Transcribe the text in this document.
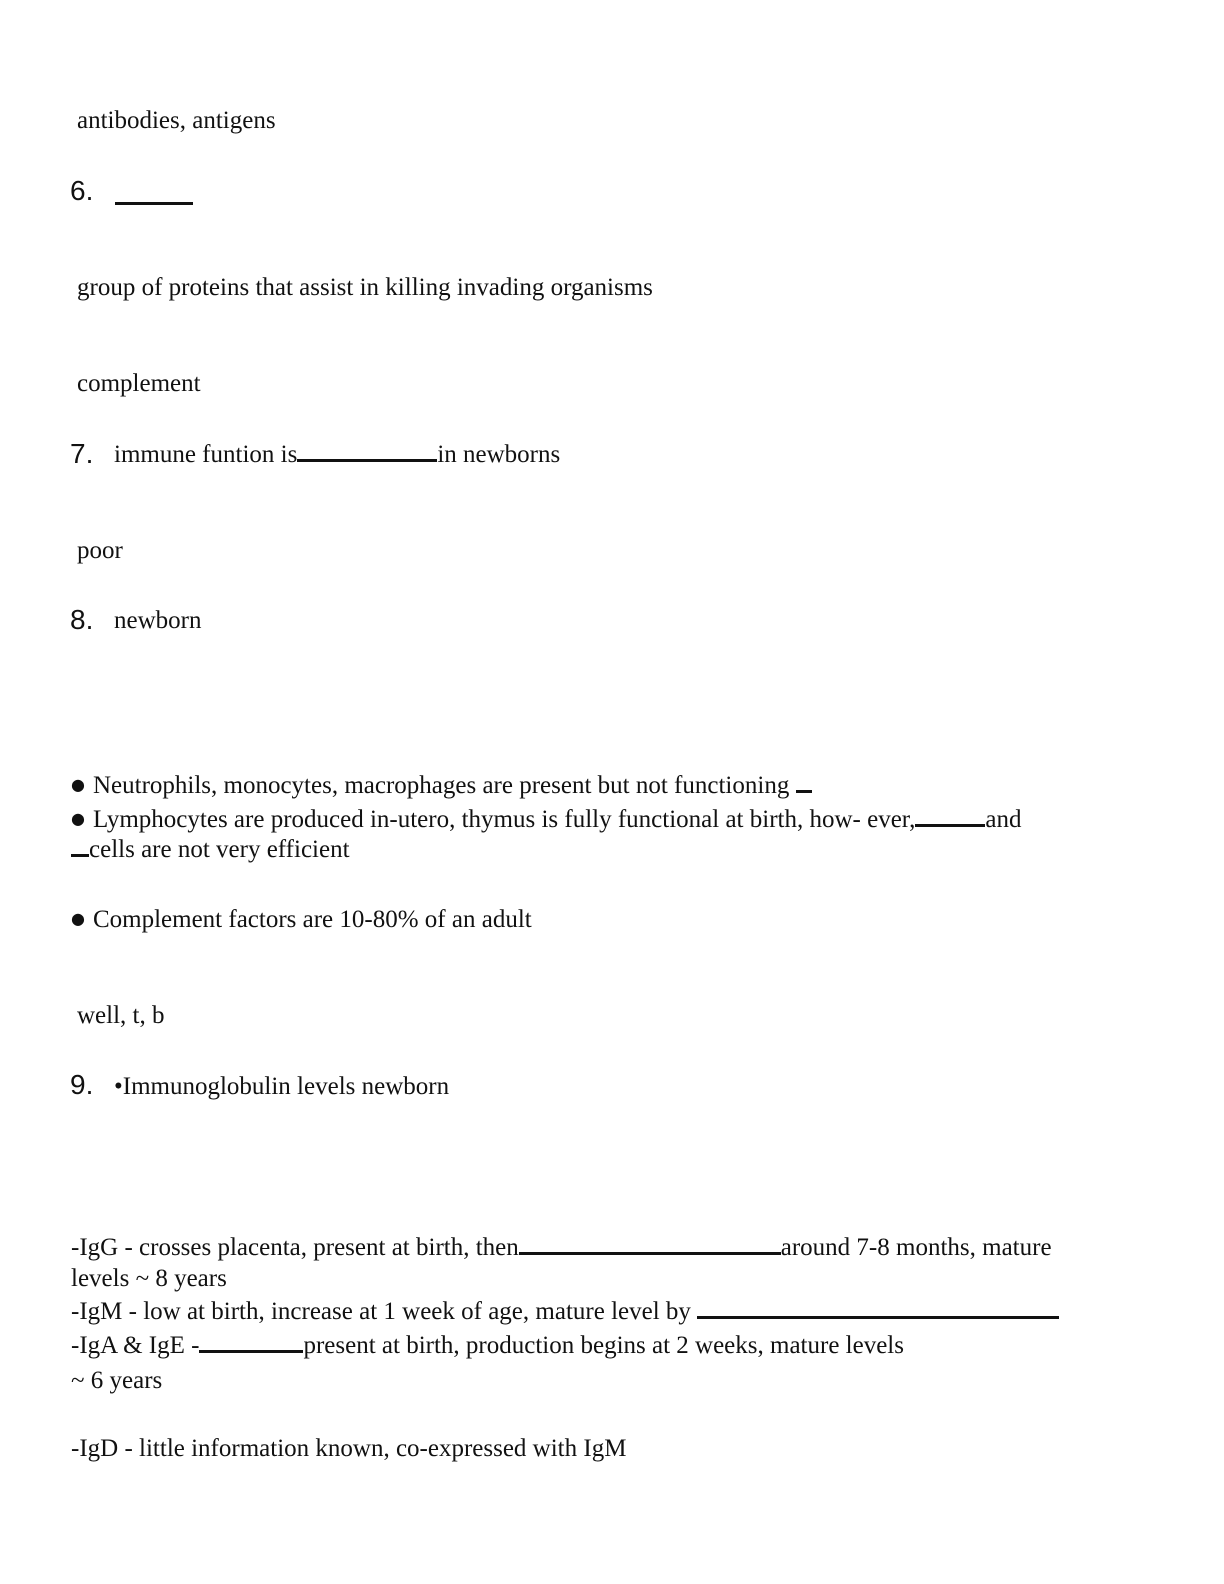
antibodies, antigens
6.
group of proteins that assist in killing invading organisms
complement
7. immune funtion is	in newborns
poor
8. newborn
● Neutrophils, monocytes, macrophages are present but not functioning
● Lymphocytes are produced in-utero, thymus is fully functional at birth, how- ever,	and
cells are not very efficient
● Complement factors are 10-80% of an adult
well, t, b
9. •Immunoglobulin levels newborn
-IgG - crosses placenta, present at birth, then	around 7-8 months, mature
levels ~ 8 years
-IgM - low at birth, increase at 1 week of age, mature level by
-IgA & IgE -	present at birth, production begins at 2 weeks, mature levels
~ 6 years
-IgD - little information known, co-expressed with IgM
